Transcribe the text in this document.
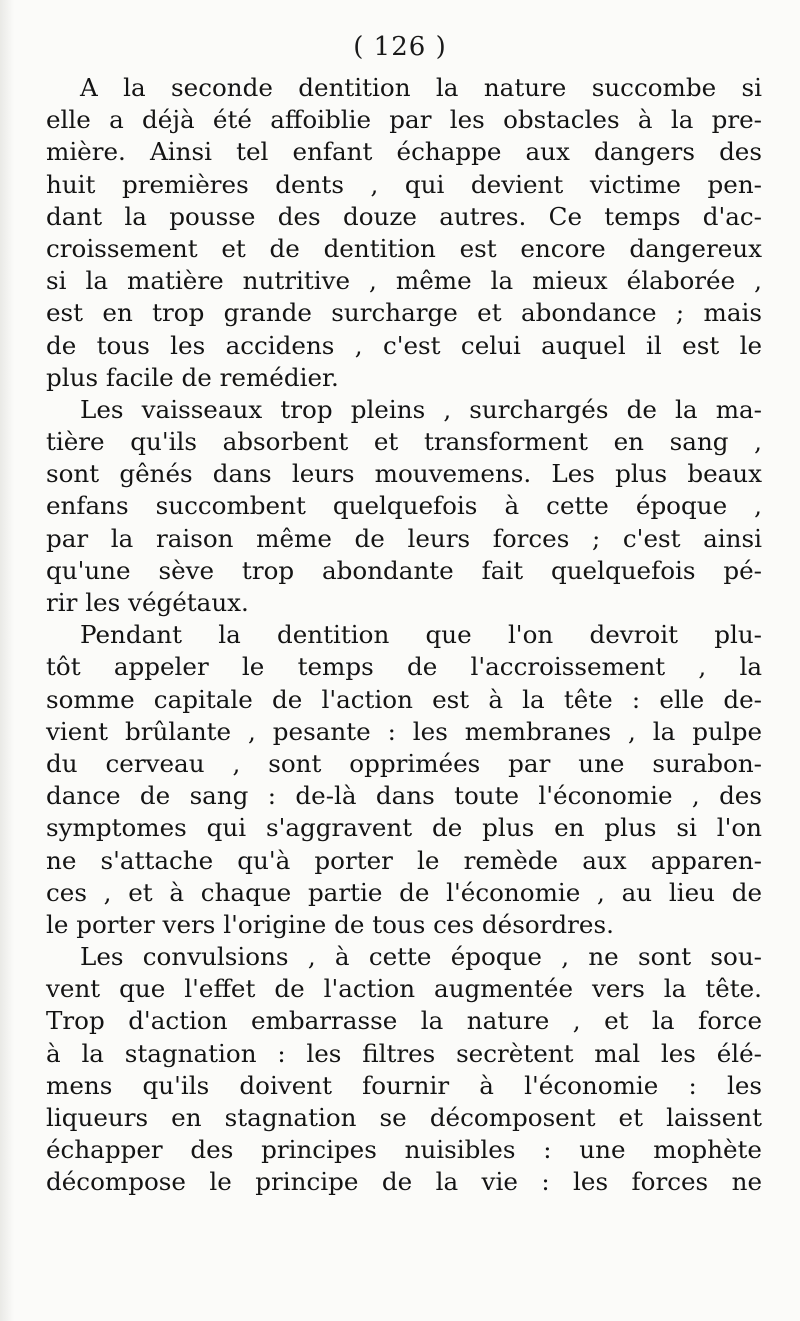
( 126 )
A la seconde dentition la nature succombe si
elle a déjà été affoiblie par les obstacles à la pre-
mière. Ainsi tel enfant échappe aux dangers des
huit premières dents , qui devient victime pen-
dant la pousse des douze autres. Ce temps d'ac-
croissement et de dentition est encore dangereux
si la matière nutritive , même la mieux élaborée ,
est en trop grande surcharge et abondance ; mais
de tous les accidens , c'est celui auquel il est le
plus facile de remédier.
Les vaisseaux trop pleins , surchargés de la ma-
tière qu'ils absorbent et transforment en sang ,
sont gênés dans leurs mouvemens. Les plus beaux
enfans succombent quelquefois à cette époque ,
par la raison même de leurs forces ; c'est ainsi
qu'une sève trop abondante fait quelquefois pé-
rir les végétaux.
Pendant la dentition que l'on devroit plu-
tôt appeler le temps de l'accroissement , la
somme capitale de l'action est à la tête : elle de-
vient brûlante , pesante : les membranes , la pulpe
du cerveau , sont opprimées par une surabon-
dance de sang : de-là dans toute l'économie , des
symptomes qui s'aggravent de plus en plus si l'on
ne s'attache qu'à porter le remède aux apparen-
ces , et à chaque partie de l'économie , au lieu de
le porter vers l'origine de tous ces désordres.
Les convulsions , à cette époque , ne sont sou-
vent que l'effet de l'action augmentée vers la tête.
Trop d'action embarrasse la nature , et la force
à la stagnation : les filtres secrètent mal les élé-
mens qu'ils doivent fournir à l'économie : les
liqueurs en stagnation se décomposent et laissent
échapper des principes nuisibles : une mophète
décompose le principe de la vie : les forces ne
